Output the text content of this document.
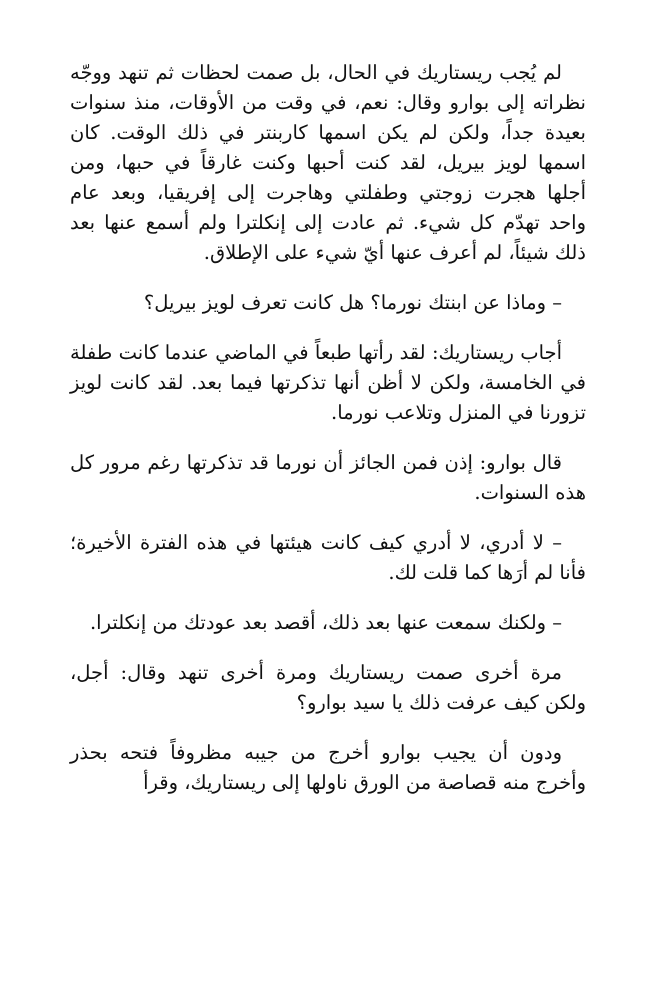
لم يُجب ريستاريك في الحال، بل صمت لحظات ثم تنهد ووجّه نظراته إلى بوارو وقال: نعم، في وقت من الأوقات، منذ سنوات بعيدة جداً، ولكن لم يكن اسمها كاربنتر في ذلك الوقت. كان اسمها لويز بيريل، لقد كنت أحبها وكنت غارقاً في حبها، ومن أجلها هجرت زوجتي وطفلتي وهاجرت إلى إفريقيا، وبعد عام واحد تهدّم كل شيء. ثم عادت إلى إنكلترا ولم أسمع عنها بعد ذلك شيئاً، لم أعرف عنها أيّ شيء على الإطلاق.

– وماذا عن ابنتك نورما؟ هل كانت تعرف لويز بيريل؟

أجاب ريستاريك: لقد رأتها طبعاً في الماضي عندما كانت طفلة في الخامسة، ولكن لا أظن أنها تذكرتها فيما بعد. لقد كانت لويز تزورنا في المنزل وتلاعب نورما.

قال بوارو: إذن فمن الجائز أن نورما قد تذكرتها رغم مرور كل هذه السنوات.

– لا أدري، لا أدري كيف كانت هيئتها في هذه الفترة الأخيرة؛ فأنا لم أرَها كما قلت لك.

– ولكنك سمعت عنها بعد ذلك، أقصد بعد عودتك من إنكلترا.

مرة أخرى صمت ريستاريك ومرة أخرى تنهد وقال: أجل، ولكن كيف عرفت ذلك يا سيد بوارو؟

ودون أن يجيب بوارو أخرج من جيبه مظروفاً فتحه بحذر وأخرج منه قصاصة من الورق ناولها إلى ريستاريك، وقرأ
